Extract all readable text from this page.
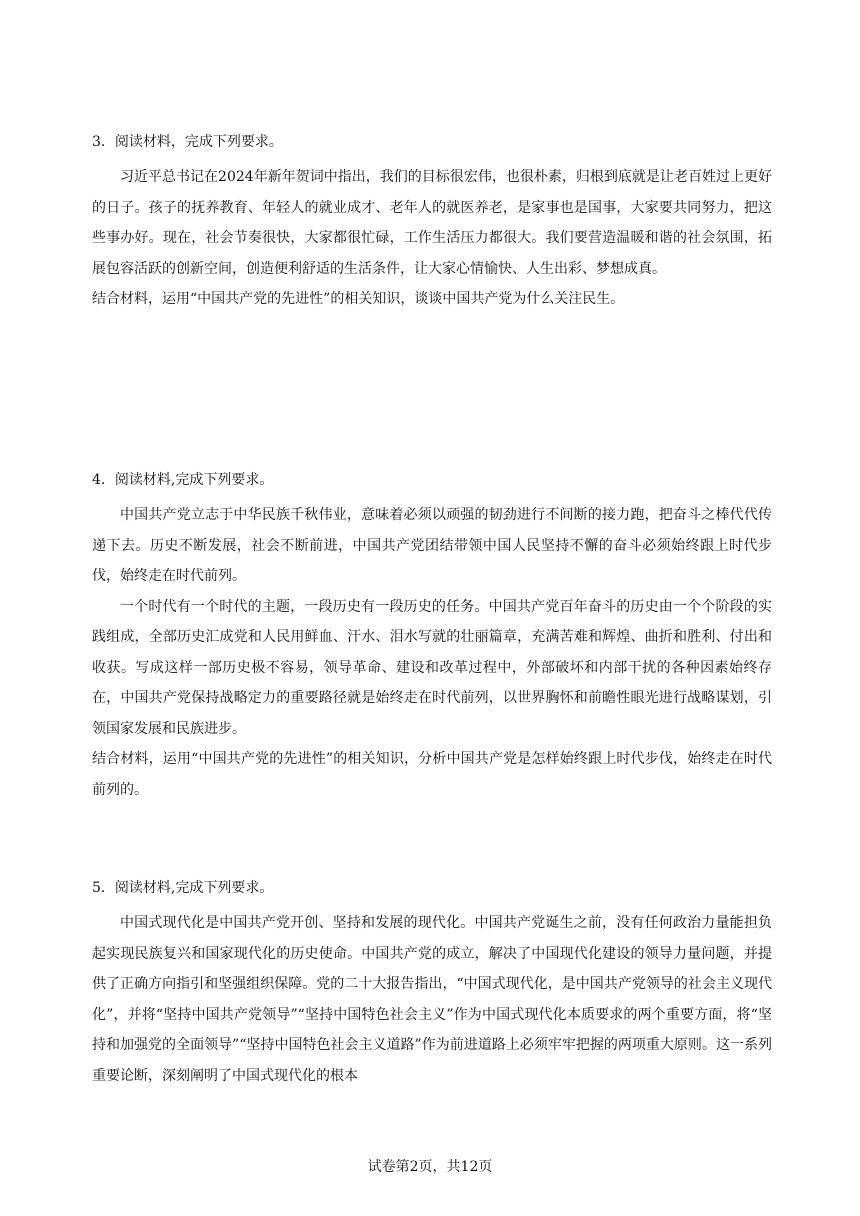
3．阅读材料，完成下列要求。

习近平总书记在2024年新年贺词中指出，我们的目标很宏伟，也很朴素，归根到底就是让老百姓过上更好的日子。孩子的抚养教育、年轻人的就业成才、老年人的就医养老，是家事也是国事，大家要共同努力，把这些事办好。现在，社会节奏很快，大家都很忙碌，工作生活压力都很大。我们要营造温暖和谐的社会氛围，拓展包容活跃的创新空间，创造便利舒适的生活条件，让大家心情愉快、人生出彩、梦想成真。

结合材料，运用“中国共产党的先进性”的相关知识，谈谈中国共产党为什么关注民生。

4．阅读材料,完成下列要求。

中国共产党立志于中华民族千秋伟业，意味着必须以顽强的韧劲进行不间断的接力跑，把奋斗之棒代代传递下去。历史不断发展，社会不断前进，中国共产党团结带领中国人民坚持不懈的奋斗必须始终跟上时代步伐，始终走在时代前列。

一个时代有一个时代的主题，一段历史有一段历史的任务。中国共产党百年奋斗的历史由一个个阶段的实践组成，全部历史汇成党和人民用鲜血、汗水、泪水写就的壮丽篇章，充满苦难和辉煌、曲折和胜利、付出和收获。写成这样一部历史极不容易，领导革命、建设和改革过程中，外部破坏和内部干扰的各种因素始终存在，中国共产党保持战略定力的重要路径就是始终走在时代前列，以世界胸怀和前瞻性眼光进行战略谋划，引领国家发展和民族进步。

结合材料，运用“中国共产党的先进性”的相关知识，分析中国共产党是怎样始终跟上时代步伐，始终走在时代前列的。

5．阅读材料,完成下列要求。

中国式现代化是中国共产党开创、坚持和发展的现代化。中国共产党诞生之前，没有任何政治力量能担负起实现民族复兴和国家现代化的历史使命。中国共产党的成立，解决了中国现代化建设的领导力量问题，并提供了正确方向指引和坚强组织保障。党的二十大报告指出，“中国式现代化，是中国共产党领导的社会主义现代化”，并将“坚持中国共产党领导”“坚持中国特色社会主义”作为中国式现代化本质要求的两个重要方面，将“坚持和加强党的全面领导”“坚持中国特色社会主义道路”作为前进道路上必须牢牢把握的两项重大原则。这一系列重要论断，深刻阐明了中国式现代化的根本

试卷第2页，共12页
